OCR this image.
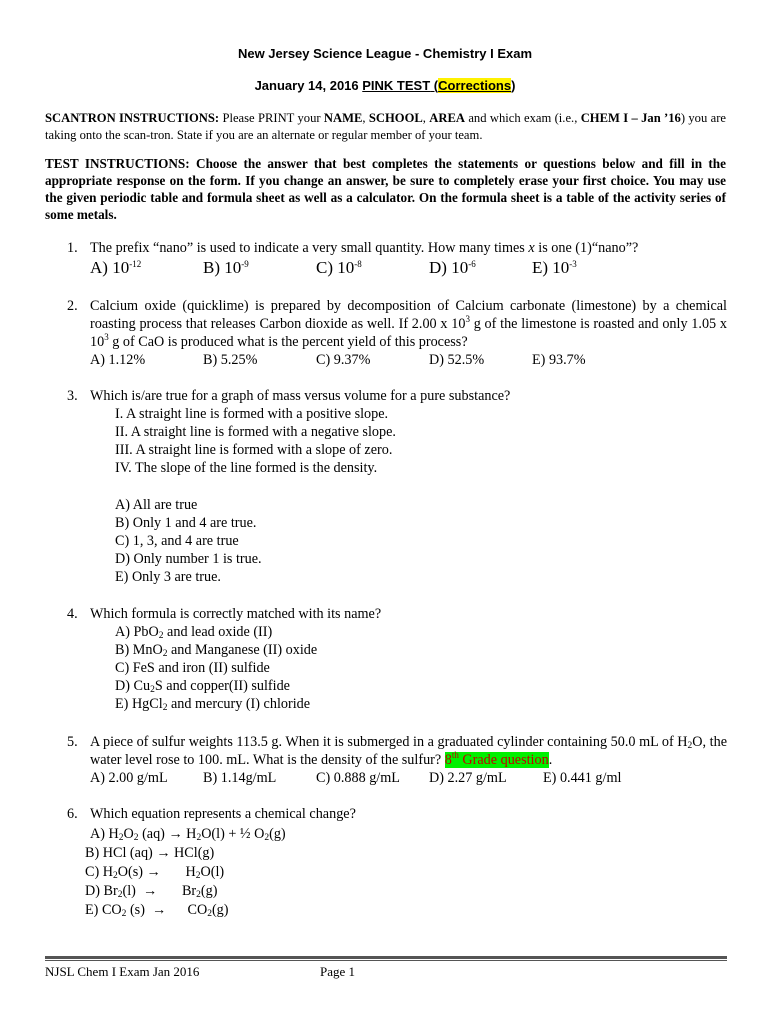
New Jersey Science League - Chemistry I Exam
January 14, 2016 PINK TEST (Corrections)
SCANTRON INSTRUCTIONS: Please PRINT your NAME, SCHOOL, AREA and which exam (i.e., CHEM I – Jan ’16) you are taking onto the scan-tron. State if you are an alternate or regular member of your team.
TEST INSTRUCTIONS: Choose the answer that best completes the statements or questions below and fill in the appropriate response on the form. If you change an answer, be sure to completely erase your first choice. You may use the given periodic table and formula sheet as well as a calculator. On the formula sheet is a table of the activity series of some metals.
1. The prefix “nano” is used to indicate a very small quantity. How many times x is one (1)“nano”?
A) $10^{-12}$	B) $10^{-9}$	C) $10^{-8}$	D) $10^{-6}$	E) $10^{-3}$
2. Calcium oxide (quicklime) is prepared by decomposition of Calcium carbonate (limestone) by a chemical roasting process that releases Carbon dioxide as well. If 2.00 x $10^3$ g of the limestone is roasted and only 1.05 x $10^3$ g of CaO is produced what is the percent yield of this process?
A) 1.12%	B) 5.25%	C) 9.37%	D) 52.5%	E) 93.7%
3. Which is/are true for a graph of mass versus volume for a pure substance?
I. A straight line is formed with a positive slope.
II. A straight line is formed with a negative slope.
III. A straight line is formed with a slope of zero.
IV. The slope of the line formed is the density.
A) All are true
B) Only 1 and 4 are true.
C) 1, 3, and 4 are true
D) Only number 1 is true.
E) Only 3 are true.
4. Which formula is correctly matched with its name?
A) PbO$_2$ and lead oxide (II)
B) MnO$_2$ and Manganese (II) oxide
C) FeS and iron (II) sulfide
D) $Cu_2S$ and copper(II) sulfide
E) HgCl$_2$ and mercury (I) chloride
5. A piece of sulfur weights 113.5 g. When it is submerged in a graduated cylinder containing 50.0 mL of $H_2O$, the water level rose to 100. mL. What is the density of the sulfur? 8th Grade question.
A) 2.00 g/mL B) 1.14g/mL	C) 0.888 g/mL D) 2.27 g/mL	E) 0.441 g/ml
6. Which equation represents a chemical change?
A) $H_2O_2$ $(aq) \to H_2O(l)$ + ½ $O_2(g)$
B) HCl (aq) → HCl(g)
C) $H_2O(s)$ →       $H_2O(l)$
D) $Br_2(l)$  →       $Br_2(g)$
E) $CO_2$ (s)  →      $CO_2(g)$
NJSL Chem I Exam Jan 2016	Page 1
